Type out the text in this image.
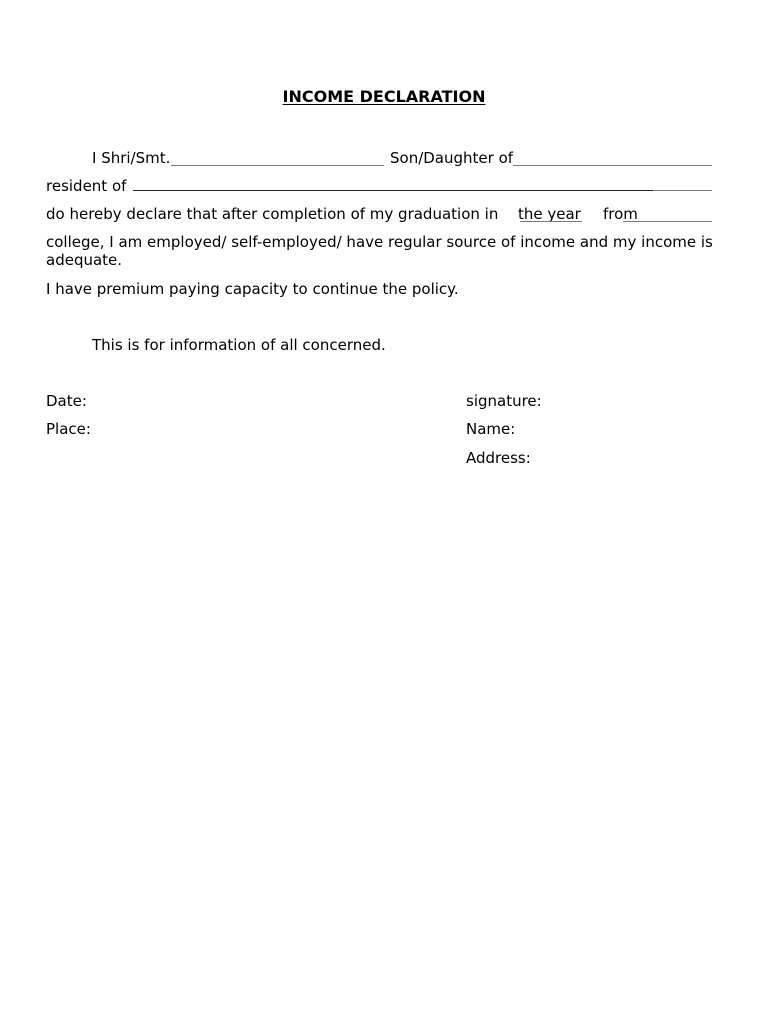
INCOME DECLARATION
I Shri/Smt.	Son/Daughter of
resident of
do hereby declare that after completion of my graduation in the year from
college, I am employed/ self-employed/ have regular source of income and my income is adequate.
I have premium paying capacity to continue the policy.
This is for information of all concerned.
Date:
Place:
signature:
Name:
Address:
